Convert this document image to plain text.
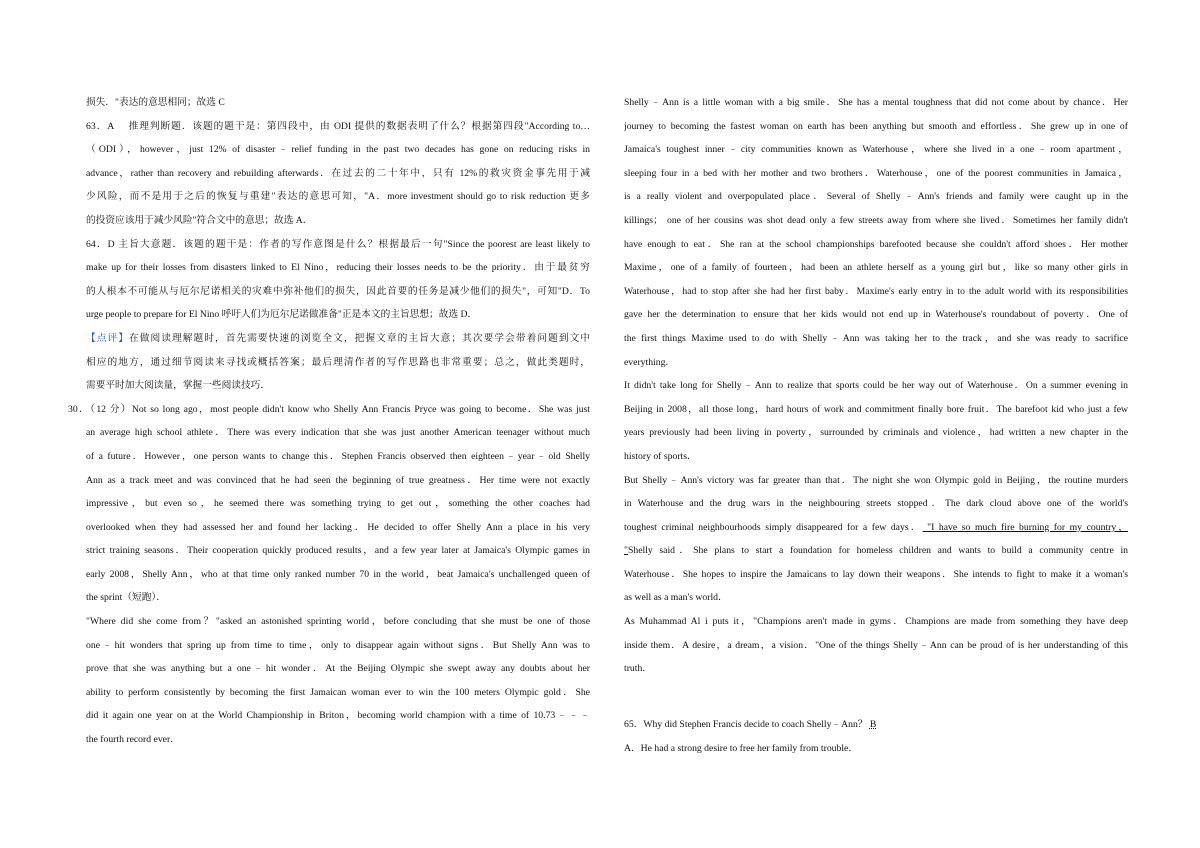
损失．"表达的意思相同；故选 C
63．A　 推理判断题．该题的题干是：第四段中，由 ODI 提供的数据表明了什么？根据第四段"According to…
（ODI），however，just 12% of disaster﹣relief funding in the past two decades has gone on reducing risks in
advance，rather than recovery and rebuilding afterwards．在过去的二十年中，只有 12%的救灾资金事先用于减
少风险，而不是用于之后的恢复与重建"表达的意思可知，"A．more investment should go to risk reduction 更多
的投资应该用于减少风险"符合文中的意思；故选 A．
64．D 主旨大意题．该题的题干是：作者的写作意图是什么？根据最后一句"Since the poorest are least likely to
make up for their losses from disasters linked to El Nino，reducing their losses needs to be the priority．由于最贫穷
的人根本不可能从与厄尔尼诺相关的灾难中弥补他们的损失，因此首要的任务是减少他们的损失"，可知"D．To
urge people to prepare for El Nino 呼吁人们为厄尔尼诺做准备"正是本文的主旨思想；故选 D．
【点评】在做阅读理解题时，首先需要快速的浏览全文，把握文章的主旨大意；其次要学会带着问题到文中
相应的地方，通过细节阅读来寻找或概括答案；最后理清作者的写作思路也非常重要；总之，做此类题时，
需要平时加大阅读量，掌握一些阅读技巧．
30．（12 分）Not so long ago，most people didn't know who Shelly Ann Francis Pryce was going to become．She was just
an average high school athlete．There was every indication that she was just another American teenager without much
of a future．However，one person wants to change this．Stephen Francis observed then eighteen﹣year﹣old Shelly
Ann as a track meet and was convinced that he had seen the beginning of true greatness．Her time were not exactly
impressive，but even so，he seemed there was something trying to get out，something the other coaches had
overlooked when they had assessed her and found her lacking．He decided to offer Shelly Ann a place in his very
strict training seasons．Their cooperation quickly produced results，and a few year later at Jamaica's Olympic games in
early 2008，Shelly Ann，who at that time only ranked number 70 in the world，beat Jamaica's unchallenged queen of
the sprint（短跑）．
"Where did she come from？"asked an astonished sprinting world，before concluding that she must be one of those
one﹣hit wonders that spring up from time to time，only to disappear again without signs．But Shelly Ann was to
prove that she was anything but a one﹣hit wonder．At the Beijing Olympic she swept away any doubts about her
ability to perform consistently by becoming the first Jamaican woman ever to win the 100 meters Olympic gold．She
did it again one year on at the World Championship in Briton，becoming world champion with a time of 10.73﹣﹣﹣
the fourth record ever．
Shelly﹣Ann is a little woman with a big smile．She has a mental toughness that did not come about by chance．Her
journey to becoming the fastest woman on earth has been anything but smooth and effortless．She grew up in one of
Jamaica's toughest inner﹣city communities known as Waterhouse，where she lived in a one﹣room apartment，
sleeping four in a bed with her mother and two brothers．Waterhouse，one of the poorest communities in Jamaica，
is a really violent and overpopulated place．Several of Shelly﹣Ann's friends and family were caught up in the
killings； one of her cousins was shot dead only a few streets away from where she lived．Sometimes her family didn't
have enough to eat．She ran at the school championships barefooted because she couldn't afford shoes．Her mother
Maxime，one of a family of fourteen，had been an athlete herself as a young girl but，like so many other girls in
Waterhouse，had to stop after she had her first baby．Maxime's early entry in to the adult world with its responsibilities
gave her the determination to ensure that her kids would not end up in Waterhouse's roundabout of poverty．One of
the first things Maxime used to do with Shelly﹣Ann was taking her to the track，and she was ready to sacrifice
everything．
It didn't take long for Shelly﹣Ann to realize that sports could be her way out of Waterhouse．On a summer evening in
Beijing in 2008，all those long，hard hours of work and commitment finally bore fruit．The barefoot kid who just a few
years previously had been living in poverty，surrounded by criminals and violence，had written a new chapter in the
history of sports．
But Shelly﹣Ann's victory was far greater than that．The night she won Olympic gold in Beijing，the routine murders
in Waterhouse and the drug wars in the neighbouring streets stopped．The dark cloud above one of the world's
toughest criminal neighbourhoods simply disappeared for a few days． "I have so much fire burning for my country，
"Shelly said．She plans to start a foundation for homeless children and wants to build a community centre in
Waterhouse．She hopes to inspire the Jamaicans to lay down their weapons．She intends to fight to make it a woman's
as well as a man's world．
As Muhammad Al i puts it，"Champions aren't made in gyms．Champions are made from something they have deep
inside them．A desire，a dream，a vision．"One of the things Shelly﹣Ann can be proud of is her understanding of this
truth．
65．Why did Stephen Francis decide to coach Shelly﹣Ann？ B
A．He had a strong desire to free her family from trouble．
